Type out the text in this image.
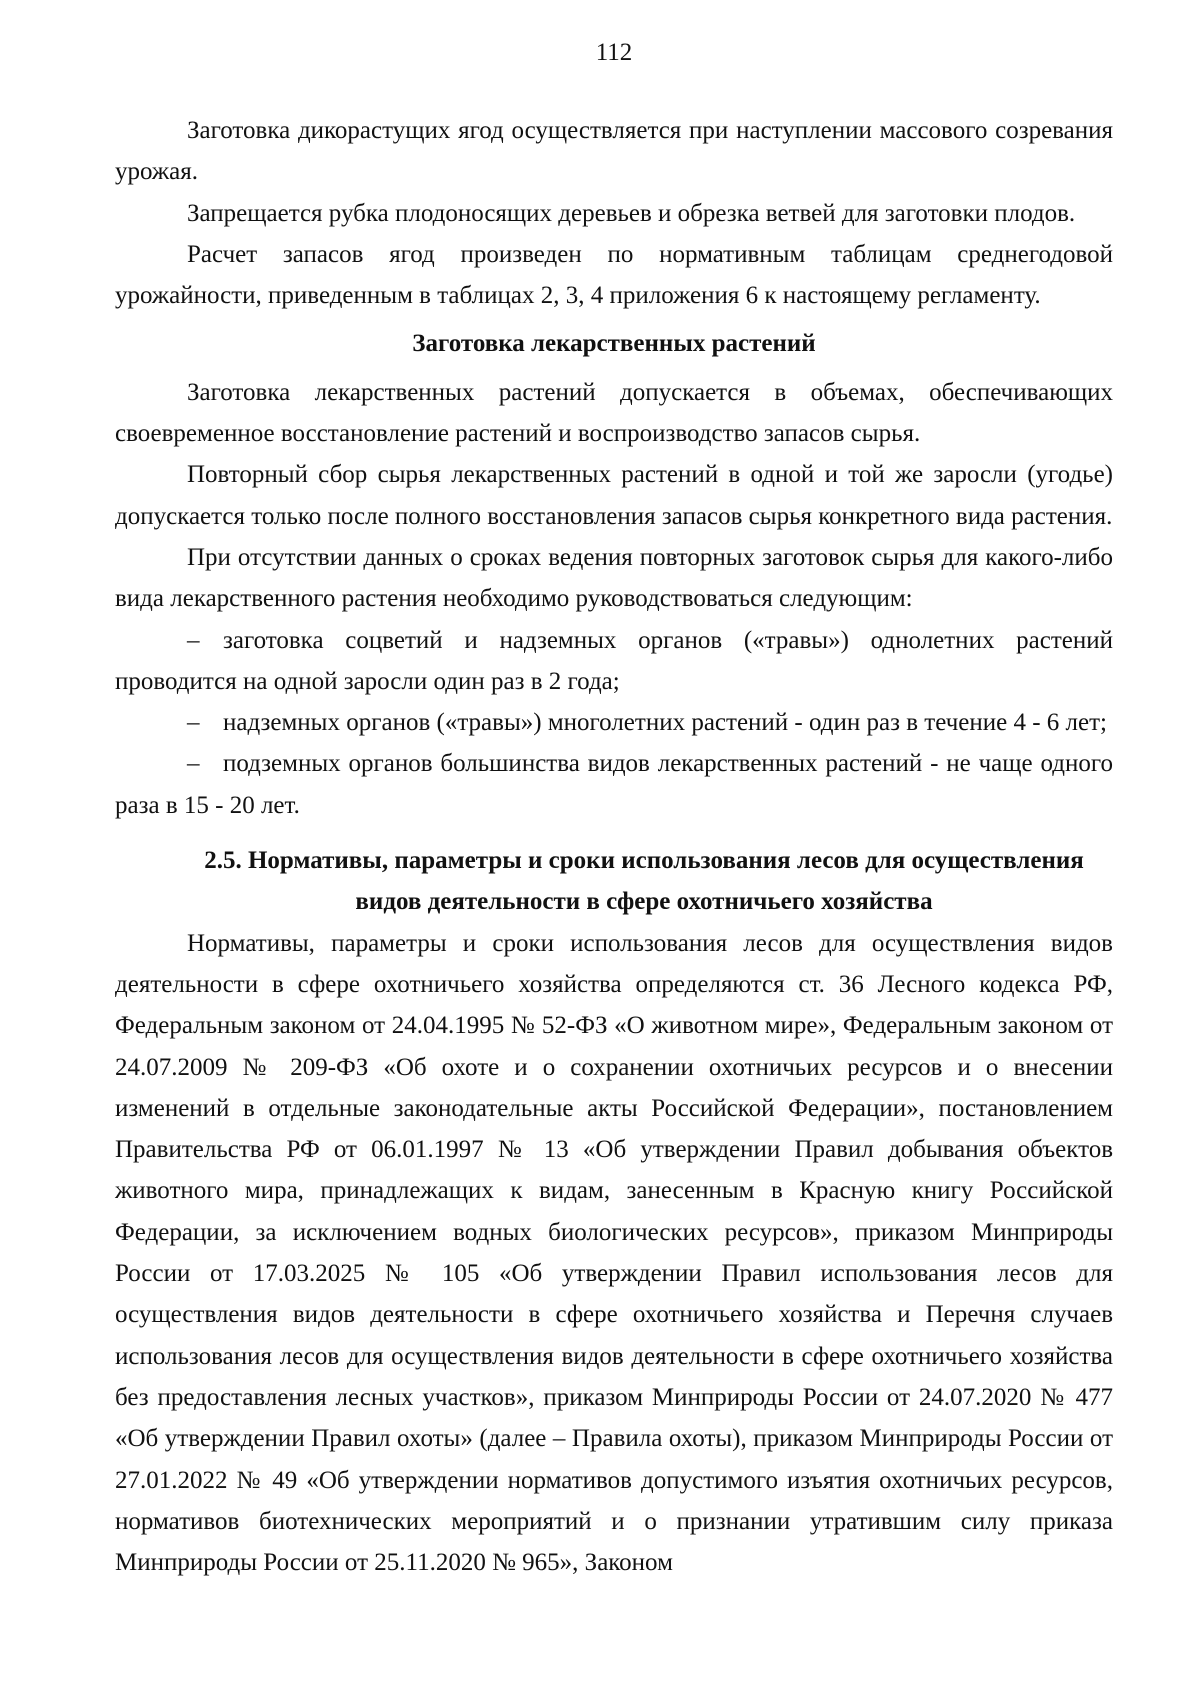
112

Заготовка дикорастущих ягод осуществляется при наступлении массового созревания урожая.

Запрещается рубка плодоносящих деревьев и обрезка ветвей для заготовки плодов.

Расчет запасов ягод произведен по нормативным таблицам среднегодовой урожайности, приведенным в таблицах 2, 3, 4 приложения 6 к настоящему регламенту.

Заготовка лекарственных растений

Заготовка лекарственных растений допускается в объемах, обеспечивающих своевременное восстановление растений и воспроизводство запасов сырья.

Повторный сбор сырья лекарственных растений в одной и той же заросли (угодье) допускается только после полного восстановления запасов сырья конкретного вида растения.

При отсутствии данных о сроках ведения повторных заготовок сырья для какого-либо вида лекарственного растения необходимо руководствоваться следующим:

– заготовка соцветий и надземных органов («травы») однолетних растений проводится на одной заросли один раз в 2 года;
– надземных органов («травы») многолетних растений - один раз в течение 4 - 6 лет;
– подземных органов большинства видов лекарственных растений - не чаще одного раза в 15 - 20 лет.
2.5. Нормативы, параметры и сроки использования лесов для осуществления видов деятельности в сфере охотничьего хозяйства

Нормативы, параметры и сроки использования лесов для осуществления видов деятельности в сфере охотничьего хозяйства определяются ст. 36 Лесного кодекса РФ, Федеральным законом от 24.04.1995 № 52-ФЗ «О животном мире», Федеральным законом от 24.07.2009 № 209-ФЗ «Об охоте и о сохранении охотничьих ресурсов и о внесении изменений в отдельные законодательные акты Российской Федерации», постановлением Правительства РФ от 06.01.1997 № 13 «Об утверждении Правил добывания объектов животного мира, принадлежащих к видам, занесенным в Красную книгу Российской Федерации, за исключением водных биологических ресурсов», приказом Минприроды России от 17.03.2025 № 105 «Об утверждении Правил использования лесов для осуществления видов деятельности в сфере охотничьего хозяйства и Перечня случаев использования лесов для осуществления видов деятельности в сфере охотничьего хозяйства без предоставления лесных участков», приказом Минприроды России от 24.07.2020 № 477 «Об утверждении Правил охоты» (далее – Правила охоты), приказом Минприроды России от 27.01.2022 № 49 «Об утверждении нормативов допустимого изъятия охотничьих ресурсов, нормативов биотехнических мероприятий и о признании утратившим силу приказа Минприроды России от 25.11.2020 № 965», Законом
